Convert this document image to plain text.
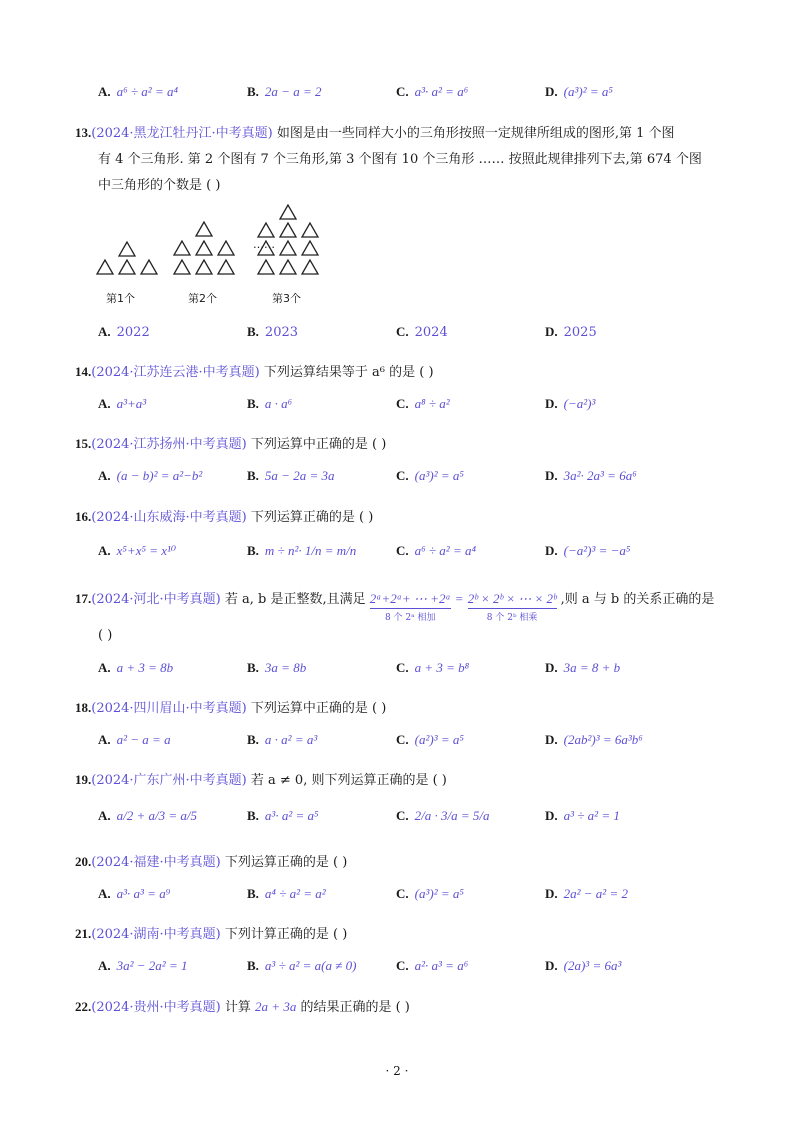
A. a⁶ ÷ a² = a⁴	B. 2a − a = 2	C. a³· a² = a⁶	D. (a³)² = a⁵
13.(2024·黑龙江牡丹江·中考真题) 如图是由一些同样大小的三角形按照一定规律所组成的图形,第 1 个图
有 4 个三角形. 第 2 个图有 7 个三角形,第 3 个图有 10 个三角形 …… 按照此规律排列下去,第 674 个图
中三角形的个数是 ( )
……
第1个	第2个	第3个
A. 2022	B. 2023	C. 2024	D. 2025
14.(2024·江苏连云港·中考真题) 下列运算结果等于 a⁶ 的是 ( )
A. a³+a³	B. a · a⁶	C. a⁸ ÷ a²	D. (−a²)³
15.(2024·江苏扬州·中考真题) 下列运算中正确的是 ( )
A. (a − b)² = a²−b²	B. 5a − 2a = 3a	C. (a³)² = a⁵	D. 3a²· 2a³ = 6a⁶
16.(2024·山东威海·中考真题) 下列运算正确的是 ( )
A. x⁵+x⁵ = x¹⁰	B. m ÷ n²· 1/n = m/n	C. a⁶ ÷ a² = a⁴	D. (−a²)³ = −a⁵
17.(2024·河北·中考真题) 若 a, b 是正整数,且满足 2ᵃ+2ᵃ+ ⋯ +2ᵃ
8 个 2ᵃ 相加
= 2ᵇ × 2ᵇ × ⋯ × 2ᵇ
8 个 2ᵇ 相乘
,则 a 与 b 的关系正确的是
( )
A. a + 3 = 8b	B. 3a = 8b	C. a + 3 = b⁸	D. 3a = 8 + b
18.(2024·四川眉山·中考真题) 下列运算中正确的是 ( )
A. a² − a = a	B. a · a² = a³	C. (a²)³ = a⁵	D. (2ab²)³ = 6a³b⁶
19.(2024·广东广州·中考真题) 若 a ≠ 0, 则下列运算正确的是 ( )
A. a/2 + a/3 = a/5	B. a³· a² = a⁵	C. 2/a · 3/a = 5/a	D. a³ ÷ a² = 1
20.(2024·福建·中考真题) 下列运算正确的是 ( )
A. a³· a³ = a⁹	B. a⁴ ÷ a² = a²	C. (a³)² = a⁵	D. 2a² − a² = 2
21.(2024·湖南·中考真题) 下列计算正确的是 ( )
A. 3a² − 2a² = 1	B. a³ ÷ a² = a(a ≠ 0)	C. a²· a³ = a⁶	D. (2a)³ = 6a³
22.(2024·贵州·中考真题) 计算 2a + 3a 的结果正确的是 ( )
· 2 ·
